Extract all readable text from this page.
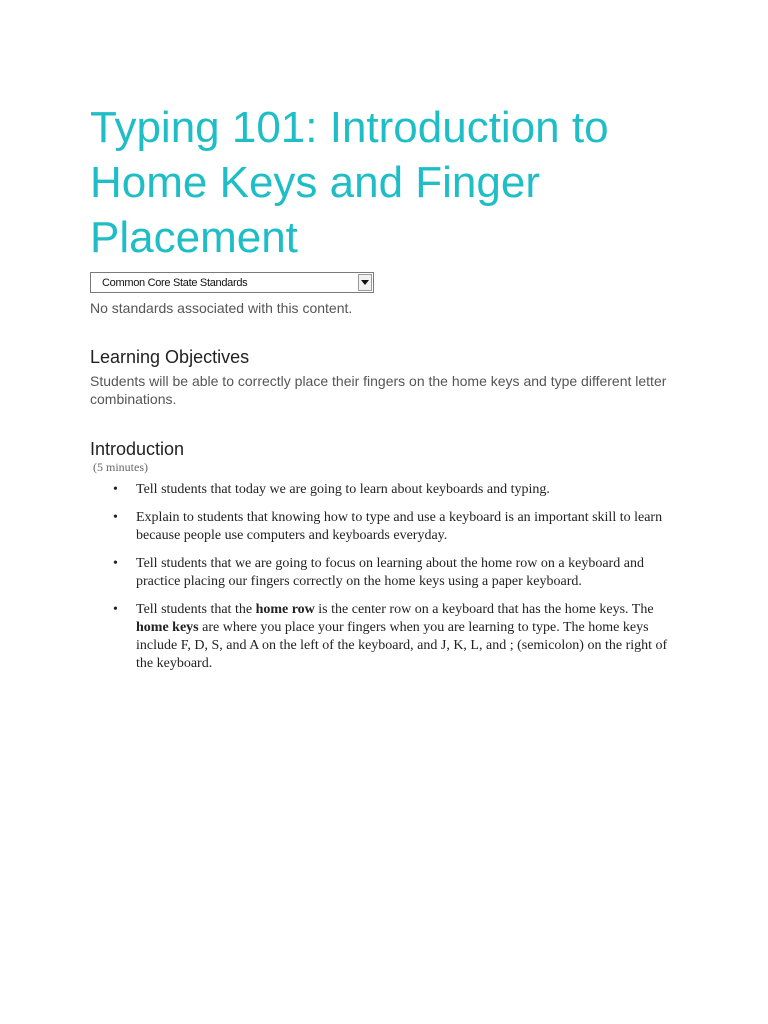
Typing 101: Introduction to Home Keys and Finger Placement
Common Core State Standards

No standards associated with this content.

Learning Objectives

Students will be able to correctly place their fingers on the home keys and type different letter combinations.

Introduction

(5 minutes)

• Tell students that today we are going to learn about keyboards and typing.
• Explain to students that knowing how to type and use a keyboard is an important skill to learn because people use computers and keyboards everyday.
• Tell students that we are going to focus on learning about the home row on a keyboard and practice placing our fingers correctly on the home keys using a paper keyboard.
• Tell students that the home row is the center row on a keyboard that has the home keys. The home keys are where you place your fingers when you are learning to type. The home keys include F, D, S, and A on the left of the keyboard, and J, K, L, and ; (semicolon) on the right of the keyboard.
